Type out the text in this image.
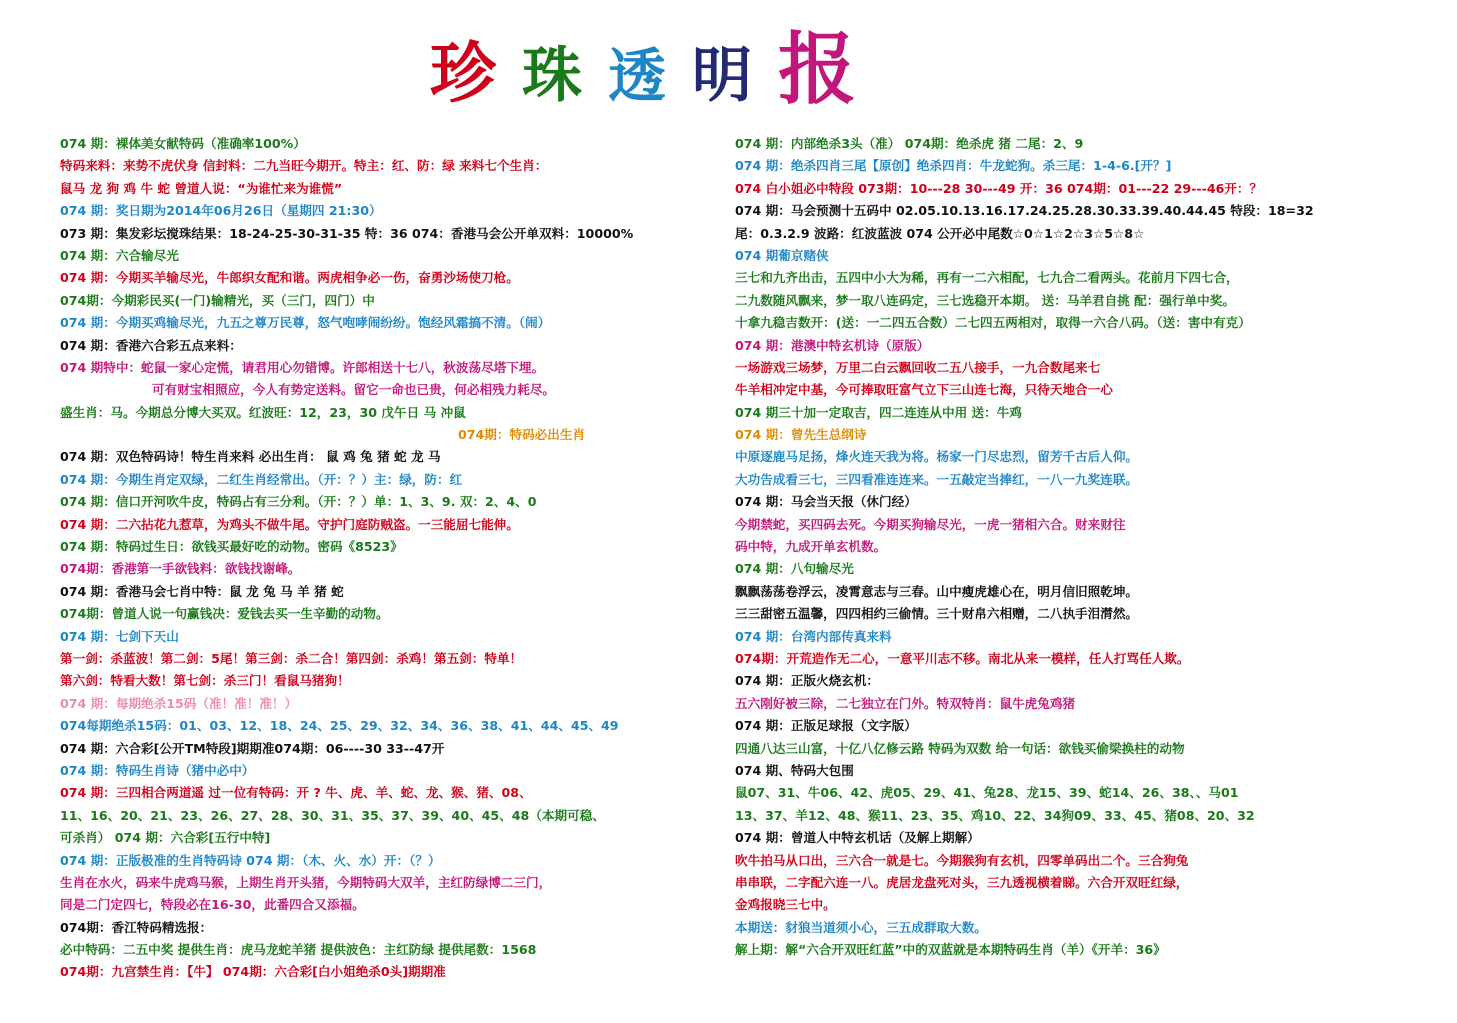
珍 珠 透 明 报
074 期：裸体美女献特码（准确率100%）
特码来料：来势不虎伏身 信封料：二九当旺今期开。特主：红、防：绿 来料七个生肖：
鼠马 龙 狗 鸡 牛 蛇 曾道人说：“为谁忙来为谁慌”
074 期：奖日期为2014年06月26日（星期四 21:30）
073 期：集发彩坛搅珠结果：18-24-25-30-31-35 特：36 074：香港马会公开单双料：10000%
074 期：六合输尽光
074 期：今期买羊输尽光，牛郎织女配和谐。两虎相争必一伤，奋勇沙场使刀枪。
074期：今期彩民买(一门)输精光，买（三门，四门）中
074 期：今期买鸡输尽光，九五之尊万民尊，怒气咆哮闹纷纷。饱经风霜搞不清。（闹）
074 期：香港六合彩五点来料：
074 期特中：蛇鼠一家心定慌，请君用心勿错博。许郎相送十七八，秋波荡尽塔下埋。
可有财宝相照应，今人有势定送料。留它一命也已贵，何必相残力耗尽。
盛生肖：马。今期总分博大买双。红波旺：12，23，30 戊午日 马 冲鼠
074期：特码必出生肖
074 期：双色特码诗！特生肖来料 必出生肖： 鼠 鸡 兔 猪 蛇 龙 马
074 期：今期生肖定双绿，二红生肖经常出。（开：？）主：绿，防：红
074 期：信口开河吹牛皮，特码占有三分利。（开：？）单：1、3、9. 双：2、4、0
074 期：二六拈花九惹草，为鸡头不做牛尾。守护门庭防贼盗。一三能屈七能伸。
074 期：特码过生日：欲钱买最好吃的动物。密码《8523》
074期：香港第一手欲钱料：欲钱找谢峰。
074 期：香港马会七肖中特：鼠 龙 兔 马 羊 猪 蛇
074期：曾道人说一句赢钱决：爱钱去买一生辛勤的动物。
074 期：七剑下天山
第一剑：杀蓝波！第二剑：5尾！第三剑：杀二合！第四剑：杀鸡！第五剑：特单！
第六剑：特看大数！第七剑：杀三门！看鼠马猪狗！
074 期：每期绝杀15码（准！准！准！）
074每期绝杀15码：01、03、12、18、24、25、29、32、34、36、38、41、44、45、49
074 期：六合彩[公开TM特段]期期准074期：06----30 33--47开
074 期：特码生肖诗（猪中必中）
074 期：三四相合两道遥 过一位有特码：开 ? 牛、虎、羊、蛇、龙、猴、猪、08、
11、16、20、21、23、26、27、28、30、31、35、37、39、40、45、48（本期可稳、
可杀肖） 074 期：六合彩[五行中特]
074 期：正版极准的生肖特码诗 074 期：（木、火、水）开：（？）
生肖在水火，码来牛虎鸡马猴，上期生肖开头猪，今期特码大双羊，主红防绿博二三门，
同是二门定四七，特段必在16-30，此番四合又添福。
074期：香江特码精选报：
必中特码：二五中奖 提供生肖：虎马龙蛇羊猪 提供波色：主红防绿 提供尾数：1568
074期：九宫禁生肖：【牛】 074期：六合彩[白小姐绝杀0头]期期准
074 期：内部绝杀3头（准） 074期：绝杀虎 猪 二尾：2、9
074 期：绝杀四肖三尾【原创】绝杀四肖：牛龙蛇狗。杀三尾：1-4-6.[开？]
074 白小姐必中特段 073期：10---28 30---49 开：36 074期：01---22 29---46开：？
074 期：马会预测十五码中 02.05.10.13.16.17.24.25.28.30.33.39.40.44.45 特段：18=32
尾：0.3.2.9 波路：红波蓝波 074 公开必中尾数☆0☆1☆2☆3☆5☆8☆
074 期葡京赌侠
三七和九齐出击，五四中小大为稀，再有一二六相配，七九合二看两头。花前月下四七合，
二九数随风飘来，梦一取八连码定，三七选稳开本期。 送：马羊君自挑 配：强行单中奖。
十拿九稳吉数开：(送：一二四五合数）二七四五两相对，取得一六合八码。（送：害中有克）
074 期：港澳中特玄机诗（原版）
一场游戏三场梦，万里二白云飘回收二五八接手，一九合数尾来七
牛羊相冲定中基，今可捧取旺富气立下三山连七海，只待天地合一心
074 期三十加一定取吉，四二连连从中用 送：牛鸡
074 期：曾先生总纲诗
中原逐鹿马足扬，烽火连天我为将。杨家一门尽忠烈，留芳千古后人仰。
大功告成看三七，三四看准连连来。一五敲定当捧红，一八一九奖连联。
074 期：马会当天报（休门经）
今期禁蛇，买四码去死。今期买狗输尽光，一虎一猪相六合。财来财往
码中特，九成开单玄机数。
074 期：八句输尽光
飘飘荡荡卷浮云，凌霄意志与三春。山中瘦虎雄心在，明月信旧照乾坤。
三三甜密五温馨，四四相约三偷情。三十财帛六相赠，二八执手泪潸然。
074 期：台湾内部传真来料
074期：开荒造作无二心，一意平川志不移。南北从来一模样，任人打骂任人欺。
074 期：正版火烧玄机：
五六刚好被三除，二七独立在门外。特双特肖：鼠牛虎兔鸡猪
074 期：正版足球报（文字版）
四通八达三山富，十亿八亿修云路 特码为双数 给一句话：欲钱买偷梁换柱的动物
074 期、特码大包围
鼠07、31、牛06、42、虎05、29、41、兔28、龙15、39、蛇14、26、38、、马01
13、37、羊12、48、猴11、23、35、鸡10、22、34狗09、33、45、猪08、20、32
074 期：曾道人中特玄机话（及解上期解）
吹牛拍马从口出，三六合一就是七。今期猴狗有玄机，四零单码出二个。三合狗兔
串串联，二字配六连一八。虎居龙盘死对头，三九透视横着睇。六合开双旺红绿，
金鸡报晓三七中。
本期送：豺狼当道须小心，三五成群取大数。
解上期：解“六合开双旺红蓝”中的双蓝就是本期特码生肖（羊）《开羊：36》
